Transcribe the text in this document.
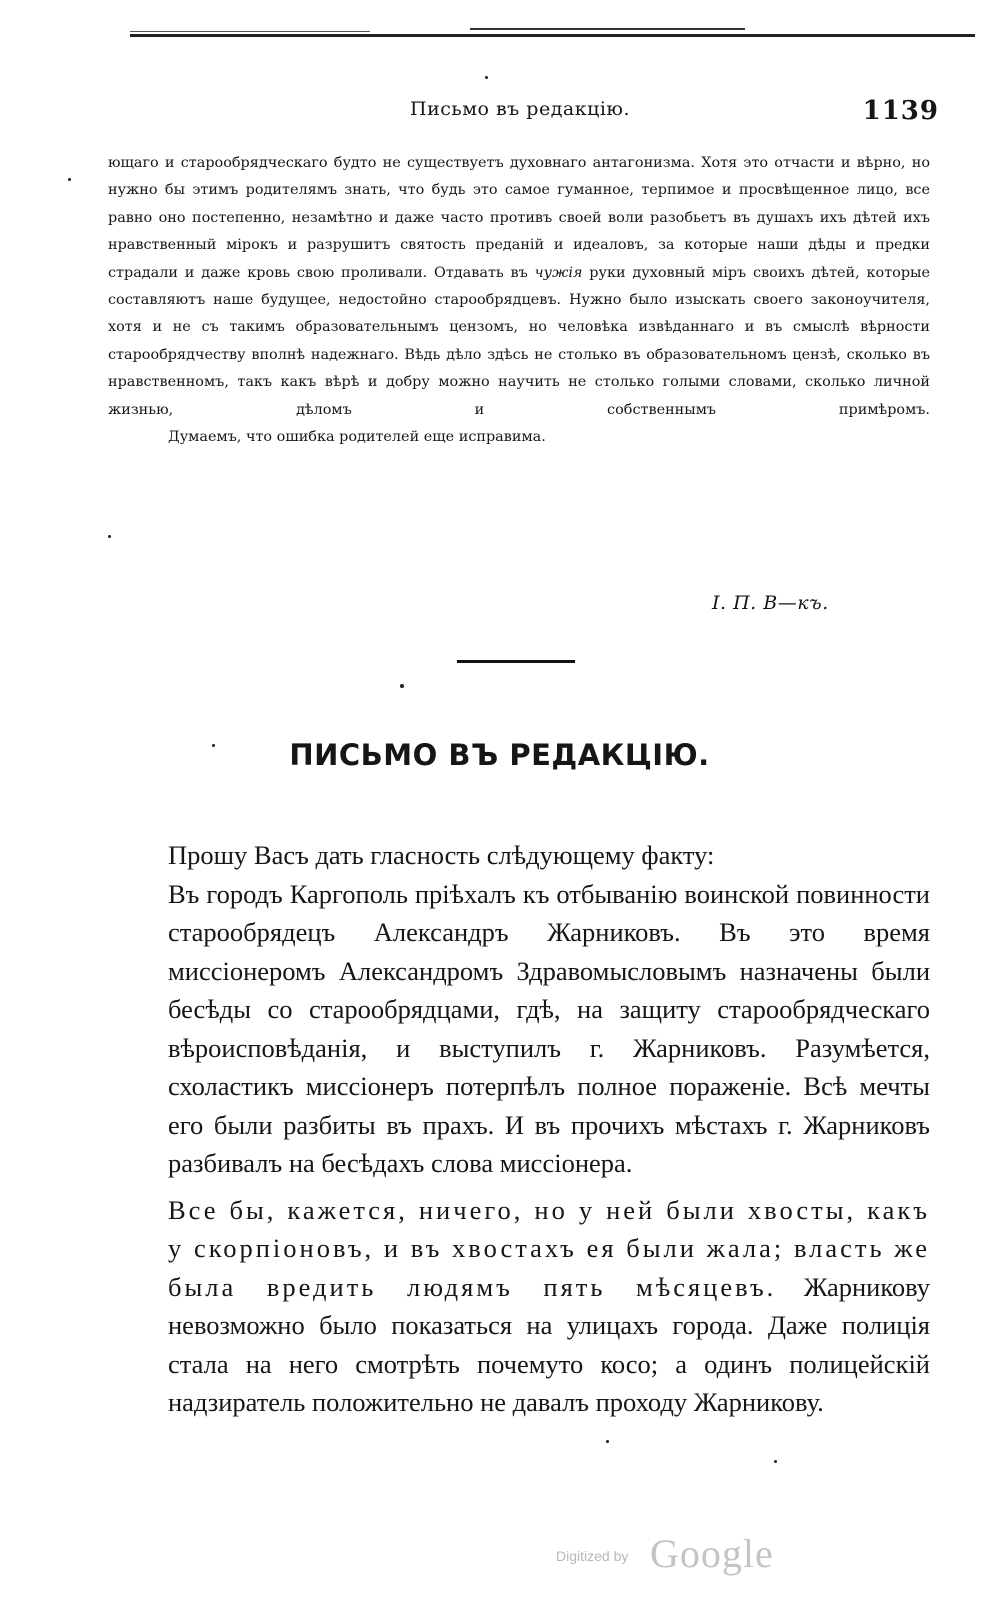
Письмо въ редакцію.	1139

ющаго и старообрядческаго будто не существуетъ духовнаго антагонизма. Хотя это отчасти и вѣрно, но нужно бы этимъ родителямъ знать, что будь это самое гуманное, терпимое и просвѣщенное лицо, все равно оно постепенно, незамѣтно и даже часто противъ своей воли разобьетъ въ душахъ ихъ дѣтей ихъ нравственный мірокъ и разрушитъ святость преданій и идеаловъ, за которые наши дѣды и предки страдали и даже кровь свою проливали. Отдавать въ чужія руки духовный міръ своихъ дѣтей, которые составляютъ наше будущее, недостойно старообрядцевъ. Нужно было изыскать своего законоучителя, хотя и не съ такимъ образовательнымъ цензомъ, но человѣка извѣданнаго и въ смыслѣ вѣрности старообрядчеству вполнѣ надежнаго. Вѣдь дѣло здѣсь не столько въ образовательномъ цензѣ, сколько въ нравственномъ, такъ какъ вѣрѣ и добру можно научить не столько голыми словами, сколько личной жизнью, дѣломъ и собственнымъ примѣромъ.

Думаемъ, что ошибка родителей еще исправима.

І. П. В—къ.
ПИСЬМО ВЪ РЕДАКЦІЮ.

Прошу Васъ дать гласность слѣдующему факту:

Въ городъ Каргополь пріѣхалъ къ отбыванію воинской повинности старообрядецъ Александръ Жарниковъ. Въ это время миссіонеромъ Александромъ Здравомысловымъ назначены были бесѣды со старообрядцами, гдѣ, на защиту старообрядческаго вѣроисповѣданія, и выступилъ г. Жарниковъ. Разумѣется, схоластикъ миссіонеръ потерпѣлъ полное пораженіе. Всѣ мечты его были разбиты въ прахъ. И въ прочихъ мѣстахъ г. Жарниковъ разбивалъ на бесѣдахъ слова миссіонера.

Все бы, кажется, ничего, но у ней были хвосты, какъ у скорпіоновъ, и въ хвостахъ ея были жала; власть же была вредить людямъ пять мѣсяцевъ. Жарникову невозможно было показаться на улицахъ города. Даже полиція стала на него смотрѣть почемуто косо; а одинъ полицейскій надзиратель положительно не давалъ проходу Жарникову.

Digitized by Google
